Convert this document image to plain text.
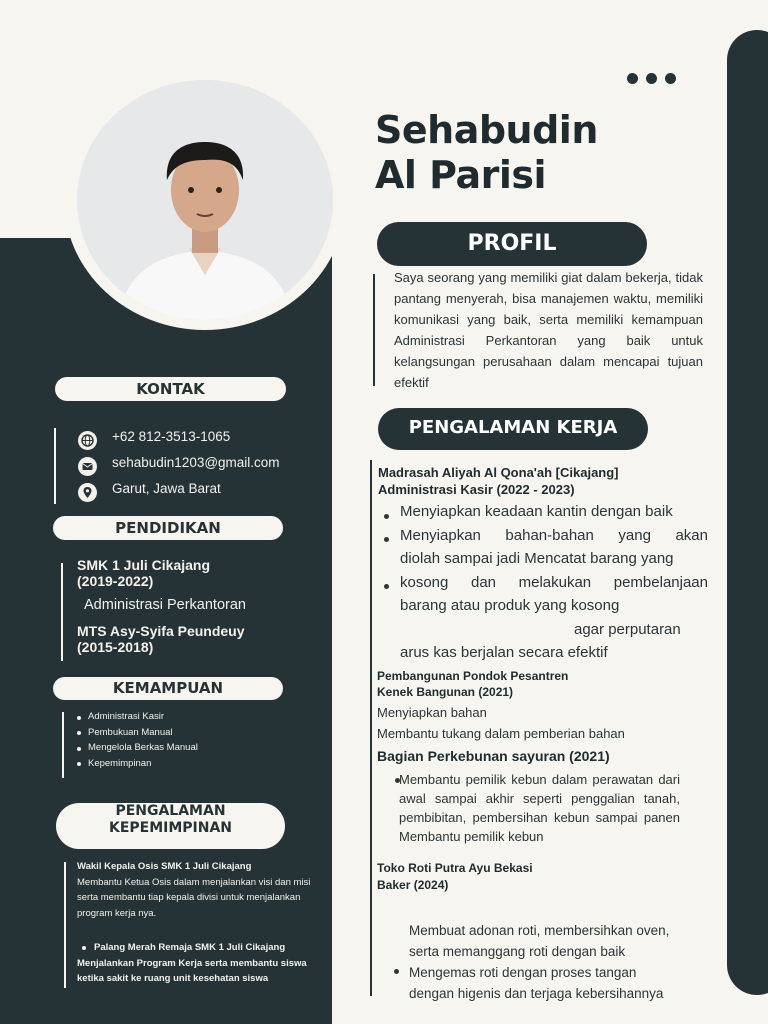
Sehabudin
Al Parisi
PROFIL
Saya seorang yang memiliki giat dalam bekerja, tidak pantang menyerah, bisa manajemen waktu, memiliki komunikasi yang baik, serta memiliki kemampuan Administrasi Perkantoran yang baik untuk kelangsungan perusahaan dalam mencapai tujuan efektif
PENGALAMAN KERJA
Madrasah Aliyah Al Qona'ah [Cikajang]
Administrasi Kasir (2022 - 2023)
Menyiapkan keadaan kantin dengan baik
Menyiapkan bahan-bahan yang akan
diolah sampai jadi Mencatat barang yang
kosong dan melakukan pembelanjaan
barang atau produk yang kosong
agar perputaran
arus kas berjalan secara efektif
Pembangunan Pondok Pesantren
Kenek Bangunan (2021)
Menyiapkan bahan
Membantu tukang dalam pemberian bahan
Bagian Perkebunan sayuran (2021)
Membantu pemilik kebun dalam perawatan dari awal sampai akhir seperti penggalian tanah, pembibitan, pembersihan kebun sampai panen Membantu pemilik kebun
Toko Roti Putra Ayu Bekasi
Baker (2024)
Membuat adonan roti, membersihkan oven,
serta memanggang roti dengan baik
Mengemas roti dengan proses tangan
dengan higenis dan terjaga kebersihannya
KONTAK
+62 812-3513-1065
sehabudin1203@gmail.com
Garut, Jawa Barat
PENDIDIKAN
SMK 1 Juli Cikajang
(2019-2022)
Administrasi Perkantoran
MTS Asy-Syifa Peundeuy
(2015-2018)
KEMAMPUAN
Administrasi Kasir
Pembukuan Manual
Mengelola Berkas Manual
Kepemimpinan
PENGALAMAN
KEPEMIMPINAN
Wakil Kepala Osis SMK 1 Juli Cikajang
Membantu Ketua Osis dalam menjalankan visi dan misi serta membantu tiap kepala divisi untuk menjalankan program kerja nya.
Palang Merah Remaja SMK 1 Juli Cikajang
Menjalankan Program Kerja serta membantu siswa ketika sakit ke ruang unit kesehatan siswa
